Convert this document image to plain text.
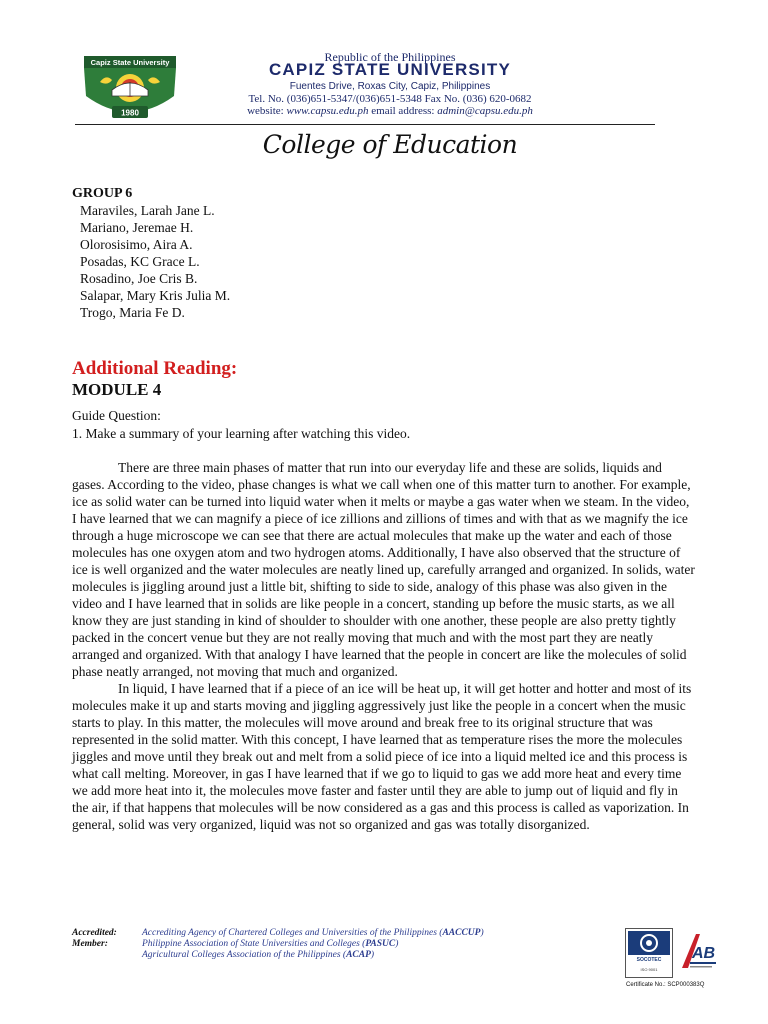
Capiz State University
1980
Republic of the Philippines
CAPIZ STATE UNIVERSITY
Fuentes Drive, Roxas City, Capiz, Philippines
Tel. No. (036)651-5347/(036)651-5348 Fax No. (036) 620-0682
website: www.capsu.edu.ph email address: admin@capsu.edu.ph
College of Education
GROUP 6
Maraviles, Larah Jane L.
Mariano, Jeremae H.
Olorosisimo, Aira A.
Posadas, KC Grace L.
Rosadino, Joe Cris B.
Salapar, Mary Kris Julia M.
Trogo, Maria Fe D.
Additional Reading:
MODULE 4
Guide Question:
1. Make a summary of your learning after watching this video.

There are three main phases of matter that run into our everyday life and these are solids, liquids and gases. According to the video, phase changes is what we call when one of this matter turn to another. For example, ice as solid water can be turned into liquid water when it melts or maybe a gas water when we steam. In the video, I have learned that we can magnify a piece of ice zillions and zillions of times and with that as we magnify the ice through a huge microscope we can see that there are actual molecules that make up the water and each of those molecules has one oxygen atom and two hydrogen atoms. Additionally, I have also observed that the structure of ice is well organized and the water molecules are neatly lined up, carefully arranged and organized. In solids, water molecules is jiggling around just a little bit, shifting to side to side, analogy of this phase was also given in the video and I have learned that in solids are like people in a concert, standing up before the music starts, as we all know they are just standing in kind of shoulder to shoulder with one another, these people are also pretty tightly packed in the concert venue but they are not really moving that much and with the most part they are neatly arranged and organized. With that analogy I have learned that the people in concert are like the molecules of solid phase neatly arranged, not moving that much and organized.

In liquid, I have learned that if a piece of an ice will be heat up, it will get hotter and hotter and most of its molecules make it up and starts moving and jiggling aggressively just like the people in a concert when the music starts to play. In this matter, the molecules will move around and break free to its original structure that was represented in the solid matter. With this concept, I have learned that as temperature rises the more the molecules jiggles and move until they break out and melt from a solid piece of ice into a liquid melted ice and this process is what call melting. Moreover, in gas I have learned that if we go to liquid to gas we add more heat and every time we add more heat into it, the molecules move faster and faster until they are able to jump out of liquid and fly in the air, if that happens that molecules will be now considered as a gas and this process is called as vaporization. In general, solid was very organized, liquid was not so organized and gas was totally disorganized.

Accredited:	Accrediting Agency of Chartered Colleges and Universities of the Philippines (AACCUP)
Member:	Philippine Association of State Universities and Colleges (PASUC)
Agricultural Colleges Association of the Philippines (ACAP)	SOCOTEC
ISO 9001
AB
Certificate No.: SCP000383Q
